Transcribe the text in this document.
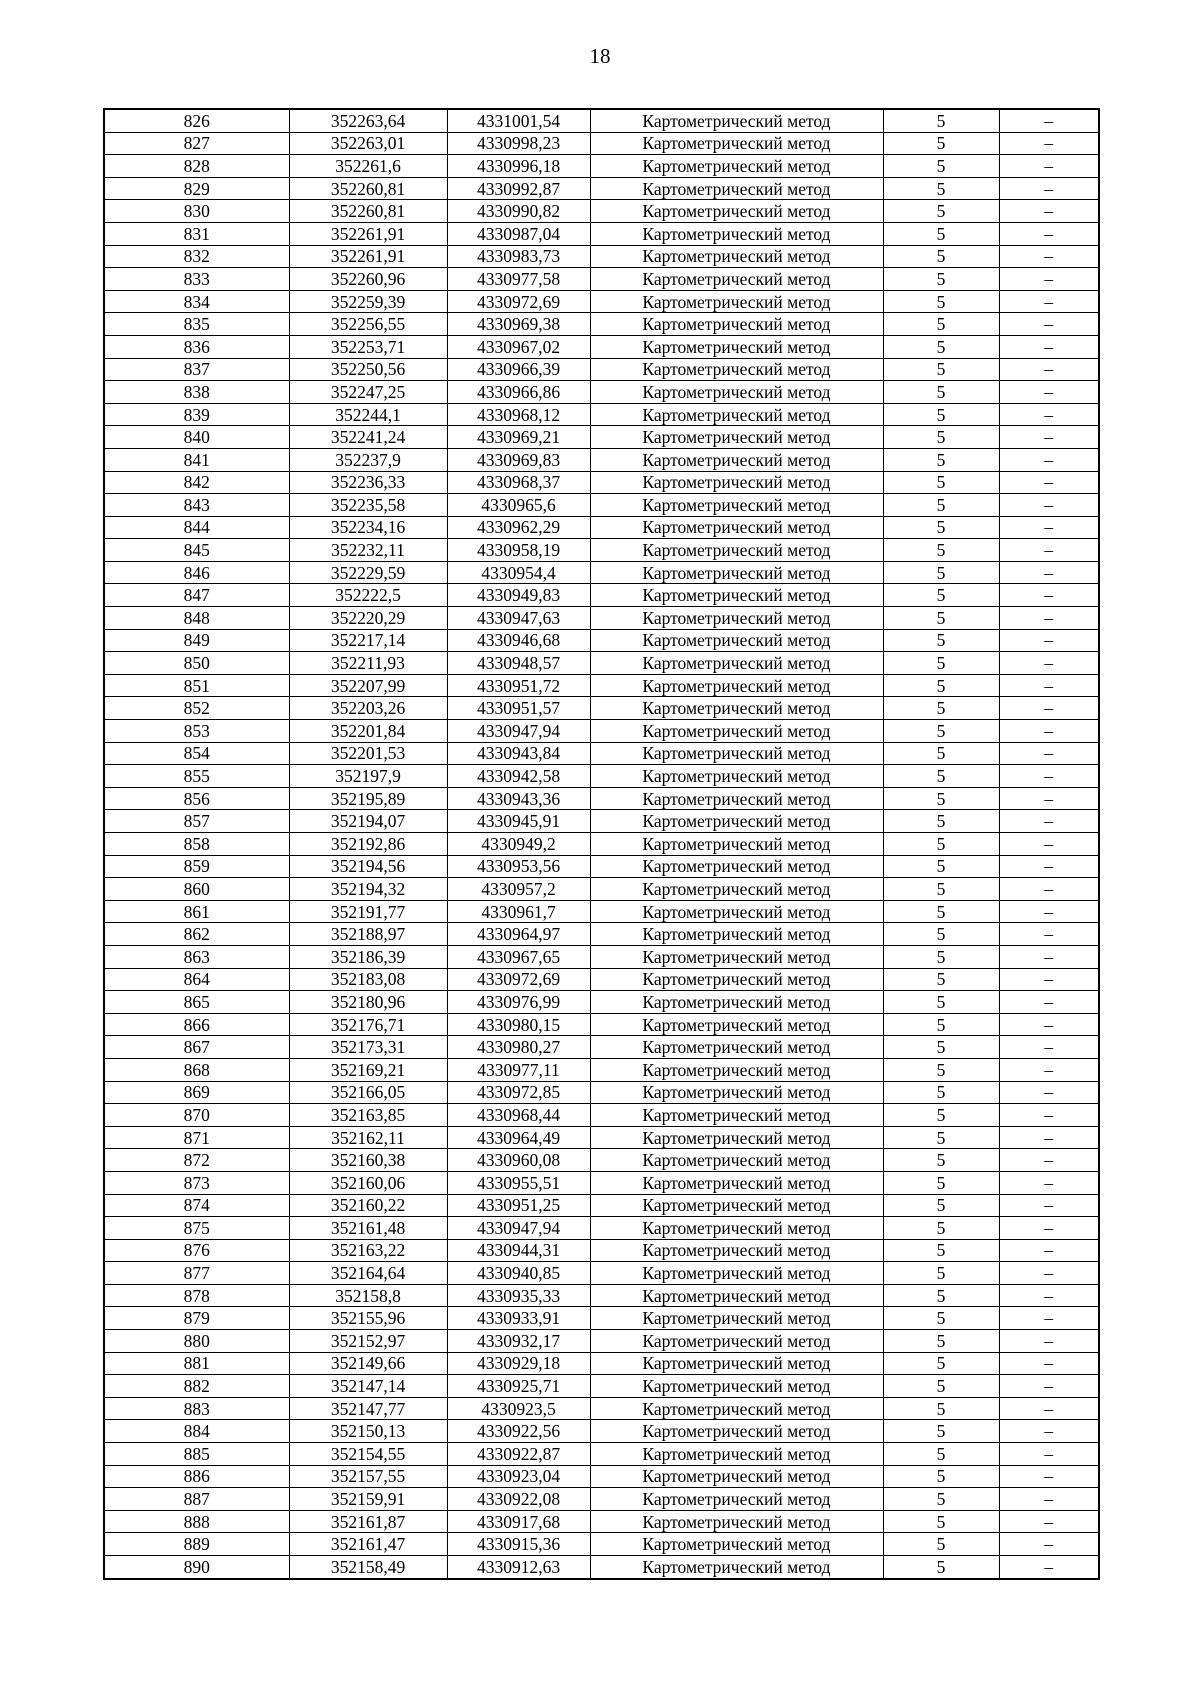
18
826	352263,64	4331001,54	Картометрический метод	5	–
827	352263,01	4330998,23	Картометрический метод	5	–
828	352261,6	4330996,18	Картометрический метод	5	–
829	352260,81	4330992,87	Картометрический метод	5	–
830	352260,81	4330990,82	Картометрический метод	5	–
831	352261,91	4330987,04	Картометрический метод	5	–
832	352261,91	4330983,73	Картометрический метод	5	–
833	352260,96	4330977,58	Картометрический метод	5	–
834	352259,39	4330972,69	Картометрический метод	5	–
835	352256,55	4330969,38	Картометрический метод	5	–
836	352253,71	4330967,02	Картометрический метод	5	–
837	352250,56	4330966,39	Картометрический метод	5	–
838	352247,25	4330966,86	Картометрический метод	5	–
839	352244,1	4330968,12	Картометрический метод	5	–
840	352241,24	4330969,21	Картометрический метод	5	–
841	352237,9	4330969,83	Картометрический метод	5	–
842	352236,33	4330968,37	Картометрический метод	5	–
843	352235,58	4330965,6	Картометрический метод	5	–
844	352234,16	4330962,29	Картометрический метод	5	–
845	352232,11	4330958,19	Картометрический метод	5	–
846	352229,59	4330954,4	Картометрический метод	5	–
847	352222,5	4330949,83	Картометрический метод	5	–
848	352220,29	4330947,63	Картометрический метод	5	–
849	352217,14	4330946,68	Картометрический метод	5	–
850	352211,93	4330948,57	Картометрический метод	5	–
851	352207,99	4330951,72	Картометрический метод	5	–
852	352203,26	4330951,57	Картометрический метод	5	–
853	352201,84	4330947,94	Картометрический метод	5	–
854	352201,53	4330943,84	Картометрический метод	5	–
855	352197,9	4330942,58	Картометрический метод	5	–
856	352195,89	4330943,36	Картометрический метод	5	–
857	352194,07	4330945,91	Картометрический метод	5	–
858	352192,86	4330949,2	Картометрический метод	5	–
859	352194,56	4330953,56	Картометрический метод	5	–
860	352194,32	4330957,2	Картометрический метод	5	–
861	352191,77	4330961,7	Картометрический метод	5	–
862	352188,97	4330964,97	Картометрический метод	5	–
863	352186,39	4330967,65	Картометрический метод	5	–
864	352183,08	4330972,69	Картометрический метод	5	–
865	352180,96	4330976,99	Картометрический метод	5	–
866	352176,71	4330980,15	Картометрический метод	5	–
867	352173,31	4330980,27	Картометрический метод	5	–
868	352169,21	4330977,11	Картометрический метод	5	–
869	352166,05	4330972,85	Картометрический метод	5	–
870	352163,85	4330968,44	Картометрический метод	5	–
871	352162,11	4330964,49	Картометрический метод	5	–
872	352160,38	4330960,08	Картометрический метод	5	–
873	352160,06	4330955,51	Картометрический метод	5	–
874	352160,22	4330951,25	Картометрический метод	5	–
875	352161,48	4330947,94	Картометрический метод	5	–
876	352163,22	4330944,31	Картометрический метод	5	–
877	352164,64	4330940,85	Картометрический метод	5	–
878	352158,8	4330935,33	Картометрический метод	5	–
879	352155,96	4330933,91	Картометрический метод	5	–
880	352152,97	4330932,17	Картометрический метод	5	–
881	352149,66	4330929,18	Картометрический метод	5	–
882	352147,14	4330925,71	Картометрический метод	5	–
883	352147,77	4330923,5	Картометрический метод	5	–
884	352150,13	4330922,56	Картометрический метод	5	–
885	352154,55	4330922,87	Картометрический метод	5	–
886	352157,55	4330923,04	Картометрический метод	5	–
887	352159,91	4330922,08	Картометрический метод	5	–
888	352161,87	4330917,68	Картометрический метод	5	–
889	352161,47	4330915,36	Картометрический метод	5	–
890	352158,49	4330912,63	Картометрический метод	5	–
